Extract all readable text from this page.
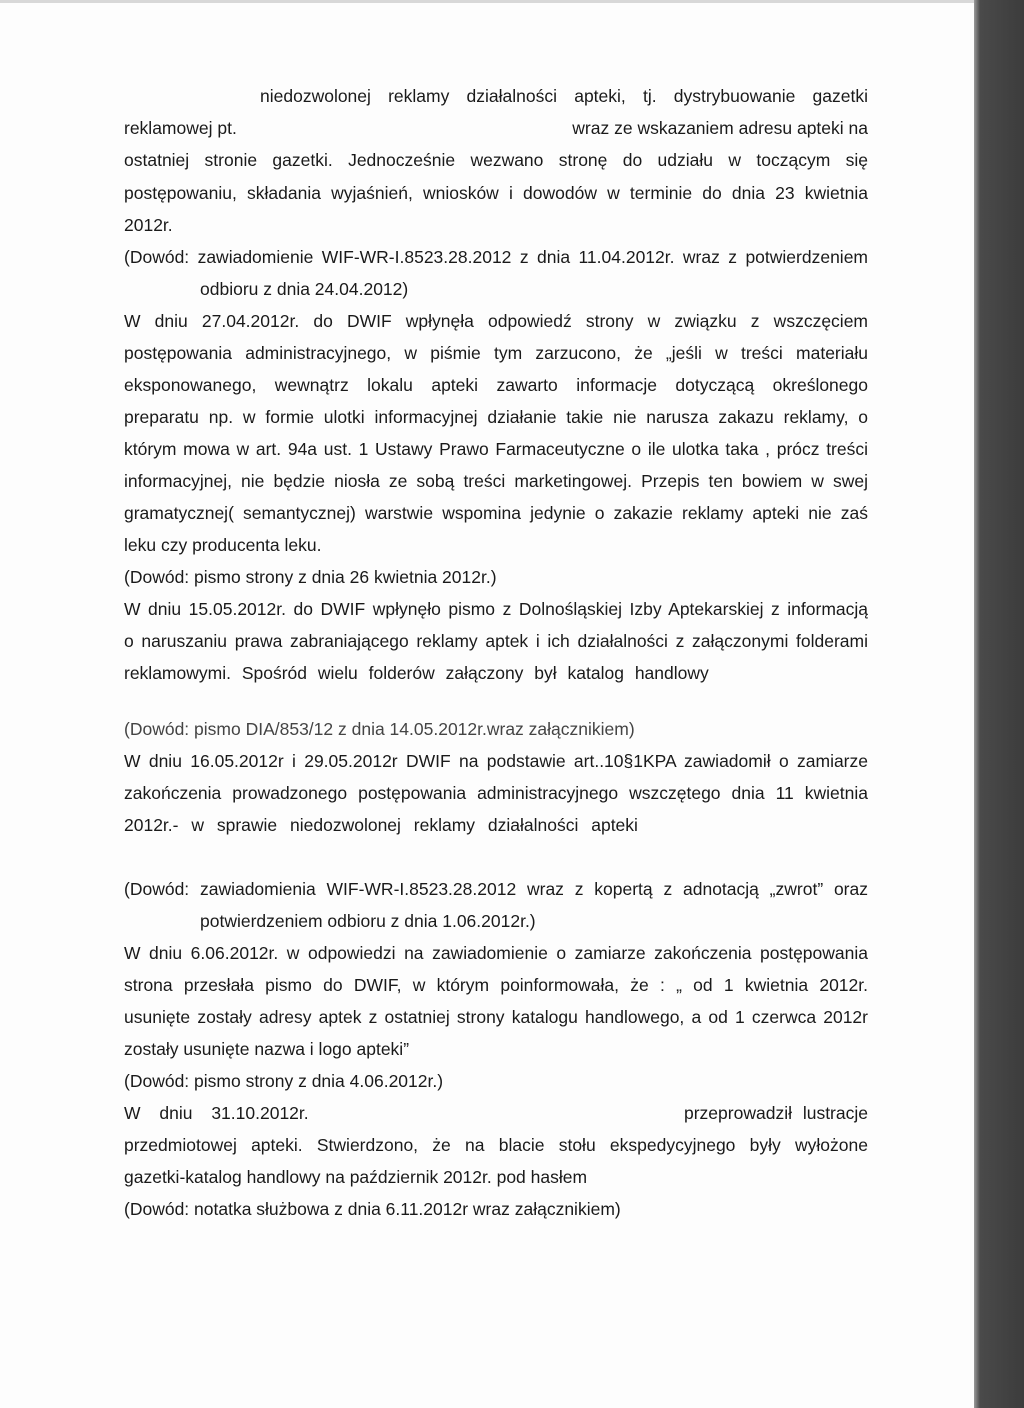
niedozwolonej reklamy działalności apteki, tj. dystrybuowanie gazetki
reklamowej pt.	wraz ze wskazaniem adresu apteki na
ostatniej stronie gazetki. Jednocześnie wezwano stronę do udziału w toczącym się
postępowaniu, składania wyjaśnień, wniosków i dowodów w terminie do dnia 23 kwietnia
2012r.
(Dowód: zawiadomienie WIF-WR-I.8523.28.2012 z dnia 11.04.2012r. wraz z potwierdzeniem
odbioru z dnia 24.04.2012)
W dniu 27.04.2012r. do DWIF wpłynęła odpowiedź strony w związku z wszczęciem
postępowania administracyjnego, w piśmie tym zarzucono, że „jeśli w treści materiału
eksponowanego, wewnątrz lokalu apteki zawarto informacje dotyczącą określonego
preparatu np. w formie ulotki informacyjnej działanie takie nie narusza zakazu reklamy, o
którym mowa w art. 94a ust. 1 Ustawy Prawo Farmaceutyczne o ile ulotka taka , prócz treści
informacyjnej, nie będzie niosła ze sobą treści marketingowej. Przepis ten bowiem w swej
gramatycznej( semantycznej) warstwie wspomina jedynie o zakazie reklamy apteki nie zaś
leku czy producenta leku.
(Dowód: pismo strony z dnia 26 kwietnia 2012r.)
W dniu 15.05.2012r. do DWIF wpłynęło pismo z Dolnośląskiej Izby Aptekarskiej z informacją
o naruszaniu prawa zabraniającego reklamy aptek i ich działalności z załączonymi folderami
reklamowymi. Spośród wielu folderów załączony był katalog handlowy
(Dowód: pismo DIA/853/12 z dnia 14.05.2012r.wraz załącznikiem)
W dniu 16.05.2012r i 29.05.2012r DWIF na podstawie art..10§1KPA zawiadomił o zamiarze
zakończenia prowadzonego postępowania administracyjnego wszczętego dnia 11 kwietnia
2012r.- w sprawie niedozwolonej reklamy działalności apteki
(Dowód: zawiadomienia WIF-WR-I.8523.28.2012 wraz z kopertą z adnotacją „zwrot” oraz
potwierdzeniem odbioru z dnia 1.06.2012r.)
W dniu 6.06.2012r. w odpowiedzi na zawiadomienie o zamiarze zakończenia postępowania
strona przesłała pismo do DWIF, w którym poinformowała, że : „ od 1 kwietnia 2012r.
usunięte zostały adresy aptek z ostatniej strony katalogu handlowego, a od 1 czerwca 2012r
zostały usunięte nazwa i logo apteki”
(Dowód: pismo strony z dnia 4.06.2012r.)
W dniu 31.10.2012r.	przeprowadził lustracje
przedmiotowej apteki. Stwierdzono, że na blacie stołu ekspedycyjnego były wyłożone
gazetki-katalog handlowy na październik 2012r. pod hasłem
(Dowód: notatka służbowa z dnia 6.11.2012r wraz załącznikiem)
